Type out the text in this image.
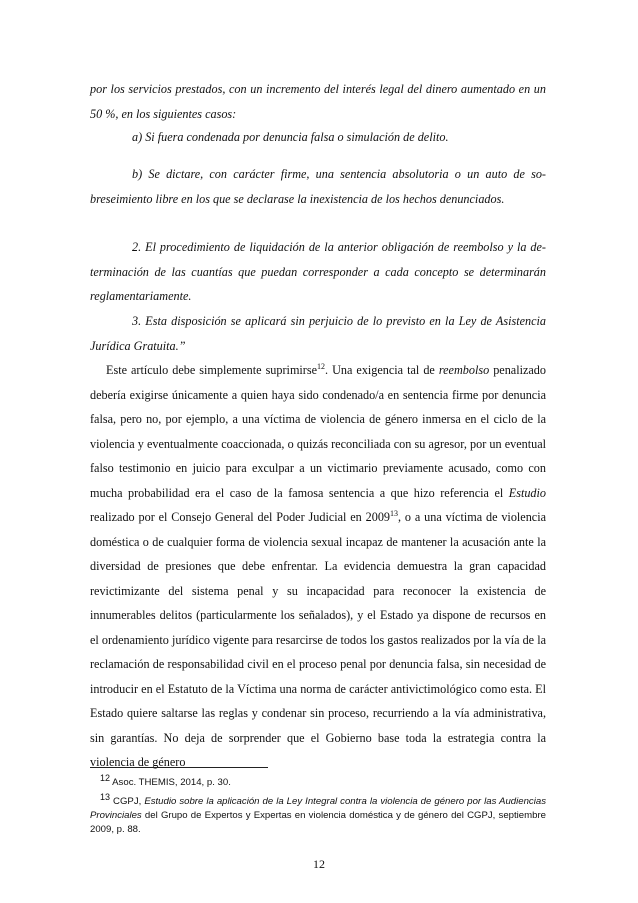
por los servicios prestados, con un incremento del interés legal del dinero aumentado en un 50 %, en los siguientes casos:

a) Si fuera condenada por denuncia falsa o simulación de delito.

b) Se dictare, con carácter firme, una sentencia absolutoria o un auto de so-breseimiento libre en los que se declarase la inexistencia de los hechos denunciados.

2. El procedimiento de liquidación de la anterior obligación de reembolso y la de- terminación de las cuantías que puedan corresponder a cada concepto se determinarán reglamentariamente.

3. Esta disposición se aplicará sin perjuicio de lo previsto en la Ley de Asistencia Jurídica Gratuita.”

Este artículo debe simplemente suprimirse$^{12}$. Una exigencia tal de reembolso penalizado debería exigirse únicamente a quien haya sido condenado/a en sentencia firme por denuncia falsa, pero no, por ejemplo, a una víctima de violencia de género inmersa en el ciclo de la violencia y eventualmente coaccionada, o quizás reconciliada con su agresor, por un eventual falso testimonio en juicio para exculpar a un victimario previamente acusado, como con mucha probabilidad era el caso de la famosa sentencia a que hizo referencia el Estudio realizado por el Consejo General del Poder Judicial en 2009$^{13}$, o a una víctima de violencia doméstica o de cualquier forma de violencia sexual incapaz de mantener la acusación ante la diversidad de presiones que debe enfrentar. La evidencia demuestra la gran capacidad revictimizante del sistema penal y su incapacidad para reconocer la existencia de innumerables delitos (particularmente los señalados), y el Estado ya dispone de recursos en el ordenamiento jurídico vigente para resarcirse de todos los gastos realizados por la vía de la reclamación de responsabilidad civil en el proceso penal por denuncia falsa, sin necesidad de introducir en el Estatuto de la Víctima una norma de carácter antivictimológico como esta. El Estado quiere saltarse las reglas y condenar sin proceso, recurriendo a la vía administrativa, sin garantías. No deja de sorprender que el Gobierno base toda la estrategia contra la violencia de género

$^{12}$ Asoc. THEMIS, 2014, p. 30.

$^{13}$ CGPJ, Estudio sobre la aplicación de la Ley Integral contra la violencia de género por las Audiencias Provinciales del Grupo de Expertos y Expertas en violencia doméstica y de género del CGPJ, septiembre 2009, p. 88.

12
